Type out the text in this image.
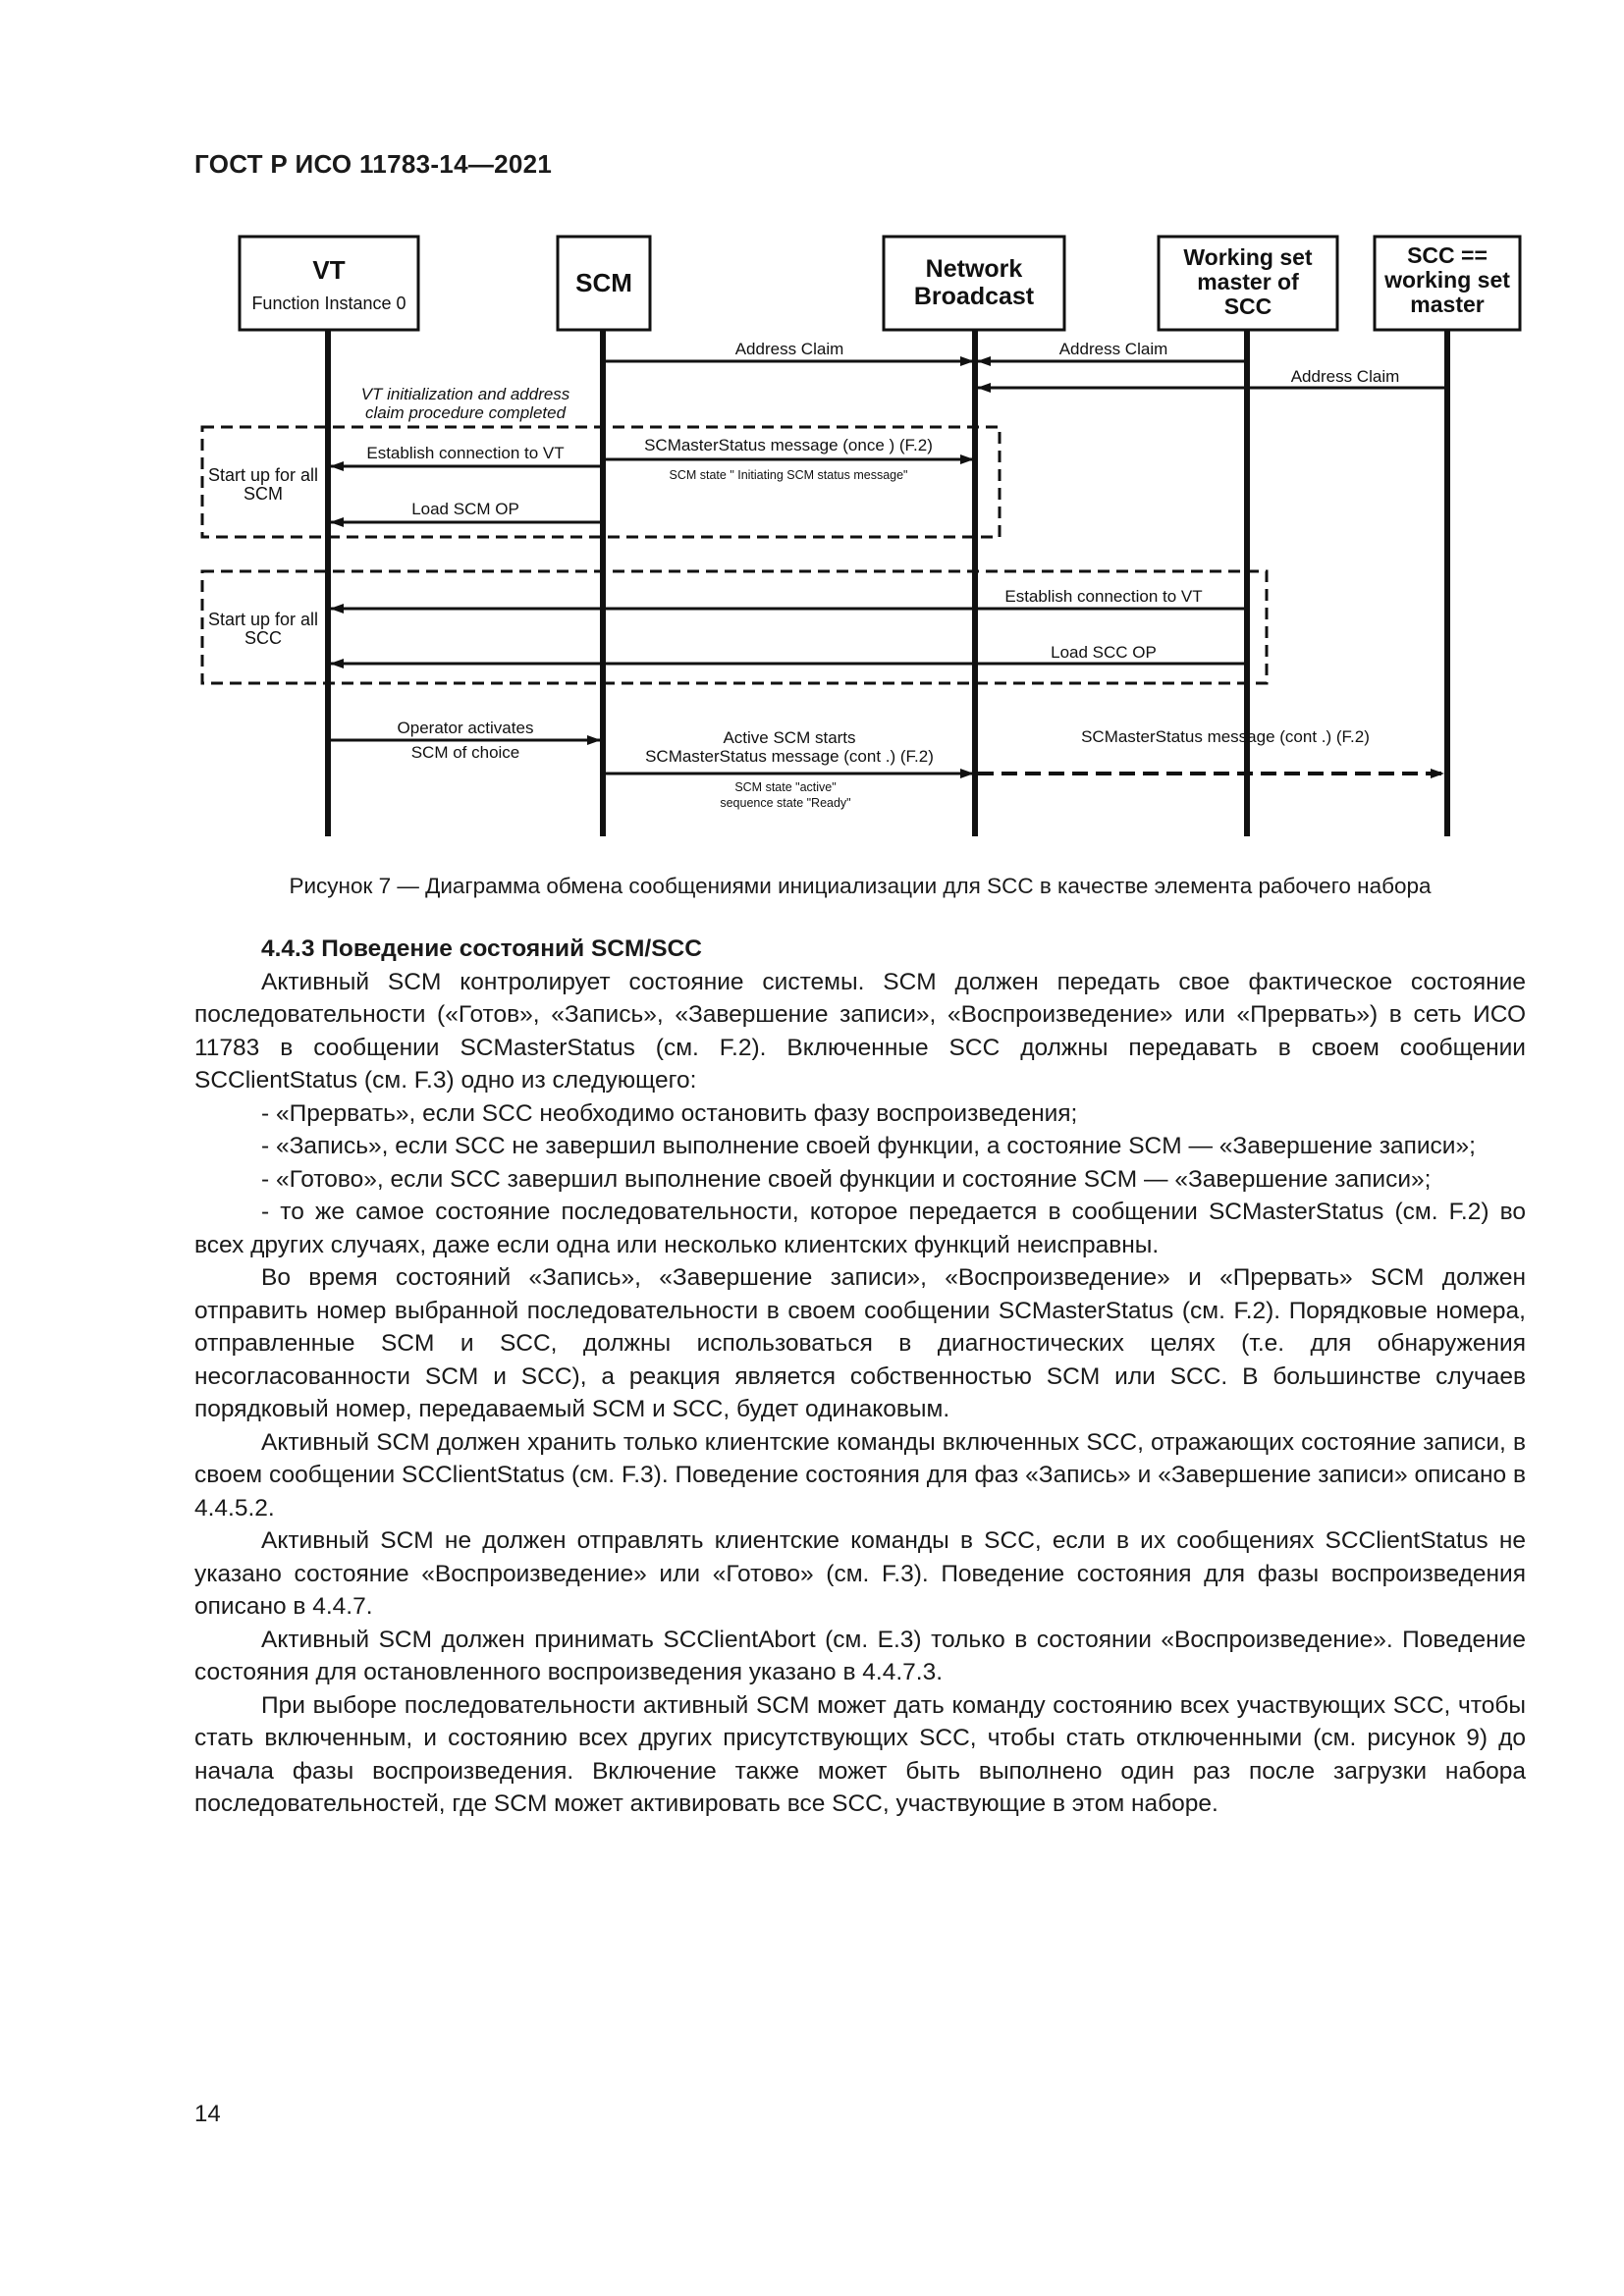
ГОСТ Р ИСО 11783-14—2021
VT
Function Instance 0
SCM	Network
Broadcast
Working set
master of
SCC
SCC ==
working set
master
Start up for all
SCM
Start up for all
SCC
Address Claim	Address Claim
Address Claim
VT initialization and address
claim procedure completed
Establish connection to VT	SCMasterStatus message (once ) (F.2)
SCM state " Initiating SCM status message"
Load SCM OP
Establish connection to VT
Load SCC OP
Operator activates
SCM of choice
Active SCM starts
SCMasterStatus message (cont .) (F.2)
SCMasterStatus message (cont .) (F.2)
SCM state "active"
sequence state "Ready"
Рисунок 7 — Диаграмма обмена сообщениями инициализации для SCC в качестве элемента рабочего набора
4.4.3 Поведение состояний SCM/SCC

Активный SCM контролирует состояние системы. SCM должен передать свое фактическое состояние последовательности («Готов», «Запись», «Завершение записи», «Воспроизведение» или «Прервать») в сеть ИСО 11783 в сообщении SCMasterStatus (см. F.2). Включенные SCC должны передавать в своем сообщении SCClientStatus (см. F.3) одно из следующего:

- «Прервать», если SCC необходимо остановить фазу воспроизведения;

- «Запись», если SCC не завершил выполнение своей функции, а состояние SCM — «Завершение записи»;

- «Готово», если SCC завершил выполнение своей функции и состояние SCM — «Завершение записи»;

- то же самое состояние последовательности, которое передается в сообщении SCMasterStatus (см. F.2) во всех других случаях, даже если одна или несколько клиентских функций неисправны.

Во время состояний «Запись», «Завершение записи», «Воспроизведение» и «Прервать» SCM должен отправить номер выбранной последовательности в своем сообщении SCMasterStatus (см. F.2). Порядковые номера, отправленные SCM и SCC, должны использоваться в диагностических целях (т.е. для обнаружения несогласованности SCM и SCC), а реакция является собственностью SCM или SCC. В большинстве случаев порядковый номер, передаваемый SCM и SCC, будет одинаковым.

Активный SCM должен хранить только клиентские команды включенных SCC, отражающих состояние записи, в своем сообщении SCClientStatus (см. F.3). Поведение состояния для фаз «Запись» и «Завершение записи» описано в 4.4.5.2.

Активный SCM не должен отправлять клиентские команды в SCC, если в их сообщениях SCClientStatus не указано состояние «Воспроизведение» или «Готово» (см. F.3). Поведение состояния для фазы воспроизведения описано в 4.4.7.

Активный SCM должен принимать SCClientAbort (см. E.3) только в состоянии «Воспроизведение». Поведение состояния для остановленного воспроизведения указано в 4.4.7.3.

При выборе последовательности активный SCM может дать команду состоянию всех участвующих SCC, чтобы стать включенным, и состоянию всех других присутствующих SCC, чтобы стать отключенными (см. рисунок 9) до начала фазы воспроизведения. Включение также может быть выполнено один раз после загрузки набора последовательностей, где SCM может активировать все SCC, участвующие в этом наборе.

14
